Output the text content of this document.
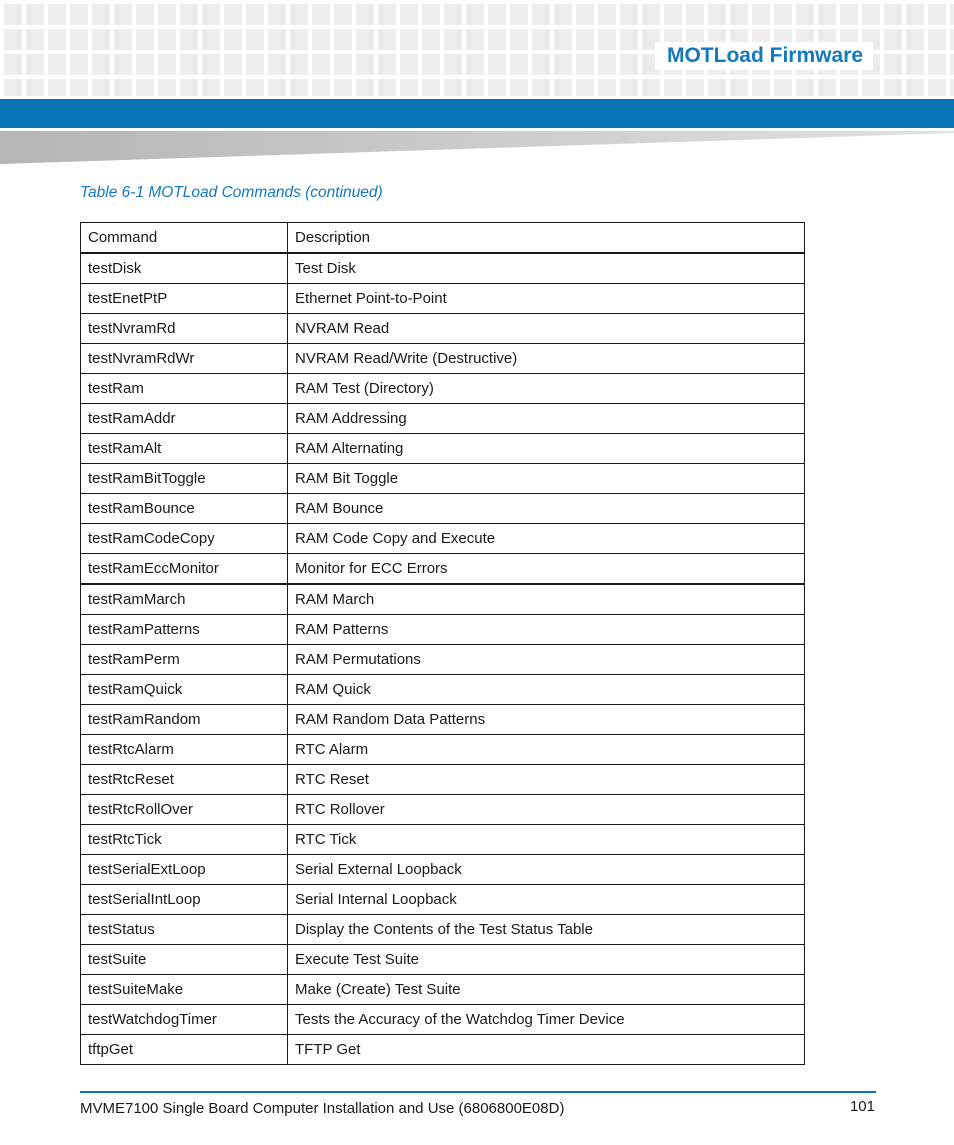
MOTLoad Firmware
Table 6-1 MOTLoad Commands (continued)
Command	Description
testDisk	Test Disk
testEnetPtP	Ethernet Point-to-Point
testNvramRd	NVRAM Read
testNvramRdWr	NVRAM Read/Write (Destructive)
testRam	RAM Test (Directory)
testRamAddr	RAM Addressing
testRamAlt	RAM Alternating
testRamBitToggle	RAM Bit Toggle
testRamBounce	RAM Bounce
testRamCodeCopy	RAM Code Copy and Execute
testRamEccMonitor	Monitor for ECC Errors
testRamMarch	RAM March
testRamPatterns	RAM Patterns
testRamPerm	RAM Permutations
testRamQuick	RAM Quick
testRamRandom	RAM Random Data Patterns
testRtcAlarm	RTC Alarm
testRtcReset	RTC Reset
testRtcRollOver	RTC Rollover
testRtcTick	RTC Tick
testSerialExtLoop	Serial External Loopback
testSerialIntLoop	Serial Internal Loopback
testStatus	Display the Contents of the Test Status Table
testSuite	Execute Test Suite
testSuiteMake	Make (Create) Test Suite
testWatchdogTimer	Tests the Accuracy of the Watchdog Timer Device
tftpGet	TFTP Get
MVME7100 Single Board Computer Installation and Use (6806800E08D)	101
